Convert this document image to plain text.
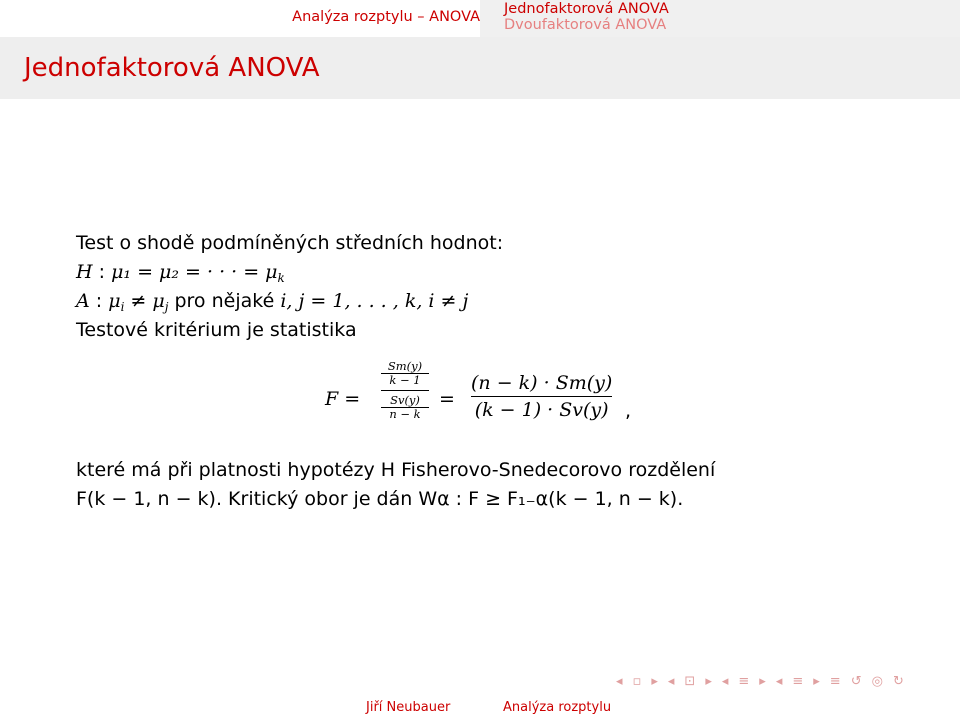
Analýza rozptylu – ANOVA Jednofaktorová ANOVA
Dvoufaktorová ANOVA
Jednofaktorová ANOVA
Test o shodě podmíněných středních hodnot:
H : μ₁ = μ₂ = · · · = $\mu_k$
A : $\mu_i \ne \mu_j$ pro nějaké i, j = 1, . . . , k, i ≠ j
Testové kritérium je statistika
F =
Sm(y)
k − 1
Sv(y)
n − k
=
(n − k) · Sm(y)
(k − 1) · Sv(y) ,
které má při platnosti hypotézy H Fisherovo-Snedecorovo rozdělení
F(k − 1, n − k). Kritický obor je dán Wα : F ≥ F₁₋α(k − 1, n − k).
◂ ▫ ▸ ◂ ⊡ ▸ ◂ ≡ ▸ ◂ ≡ ▸ ≡ ↺ ◎ ↻
Jiří Neubauer	Analýza rozptylu
